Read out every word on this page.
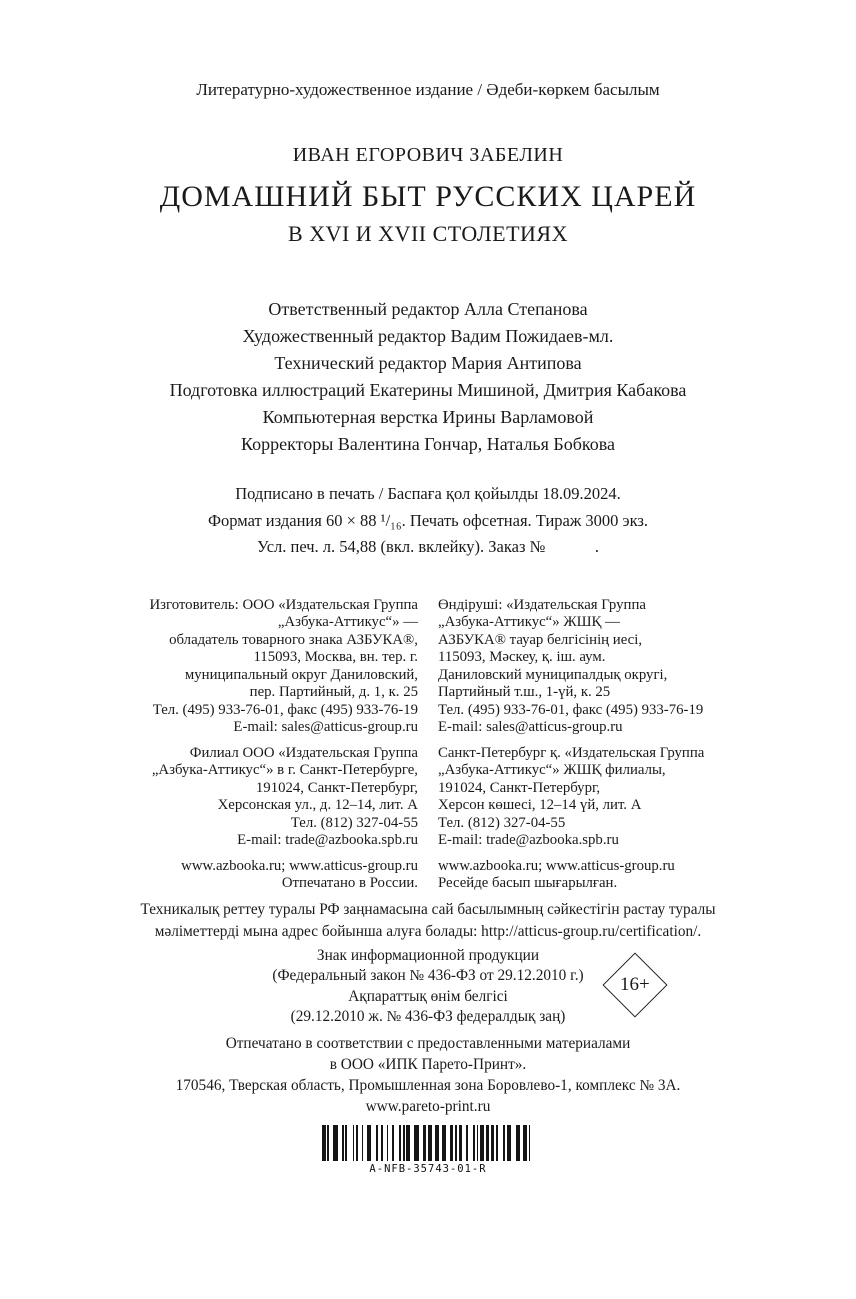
Литературно-художественное издание / Әдеби-көркем басылым
ИВАН ЕГОРОВИЧ ЗАБЕЛИН
ДОМАШНИЙ БЫТ РУССКИХ ЦАРЕЙ
В XVI И XVII СТОЛЕТИЯХ
Ответственный редактор Алла Степанова
Художественный редактор Вадим Пожидаев-мл.
Технический редактор Мария Антипова
Подготовка иллюстраций Екатерины Мишиной, Дмитрия Кабакова
Компьютерная верстка Ирины Варламовой
Корректоры Валентина Гончар, Наталья Бобкова
Подписано в печать / Баспаға қол қойылды 18.09.2024.
Формат издания 60 × 88 ¹/₁₆. Печать офсетная. Тираж 3000 экз.
Усл. печ. л. 54,88 (вкл. вклейку). Заказ №            .
Изготовитель: ООО «Издательская Группа
„Азбука-Аттикус“» —
обладатель товарного знака АЗБУКА®,
115093, Москва, вн. тер. г.
муниципальный округ Даниловский,
пер. Партийный, д. 1, к. 25
Тел. (495) 933-76-01, факс (495) 933-76-19
E-mail: sales@atticus-group.ru
Филиал ООО «Издательская Группа
„Азбука-Аттикус“» в г. Санкт-Петербурге,
191024, Санкт-Петербург,
Херсонская ул., д. 12–14, лит. А
Тел. (812) 327-04-55
E-mail: trade@azbooka.spb.ru
www.azbooka.ru; www.atticus-group.ru
Отпечатано в России.
Өндіруші: «Издательская Группа
„Азбука-Аттикус“» ЖШҚ —
АЗБУКА® тауар белгісінің иесі,
115093, Мәскеу, қ. іш. аум.
Даниловский муниципалдық округі,
Партийный т.ш., 1-үй, к. 25
Тел. (495) 933-76-01, факс (495) 933-76-19
E-mail: sales@atticus-group.ru
Санкт-Петербург қ. «Издательская Группа
„Азбука-Аттикус“» ЖШҚ филиалы,
191024, Санкт-Петербург,
Херсон көшесі, 12–14 үй, лит. А
Тел. (812) 327-04-55
E-mail: trade@azbooka.spb.ru
www.azbooka.ru; www.atticus-group.ru
Ресейде басып шығарылған.
Техникалық реттеу туралы РФ заңнамасына сай басылымның сәйкестігін растау туралы
мәліметтерді мына адрес бойынша алуға болады: http://atticus-group.ru/certification/.
Знак информационной продукции
(Федеральный закон № 436-ФЗ от 29.12.2010 г.)
Ақпараттық өнім белгісі
(29.12.2010 ж. № 436-ФЗ федералдық заң)
16+
Отпечатано в соответствии с предоставленными материалами
в ООО «ИПК Парето-Принт».
170546, Тверская область, Промышленная зона Боровлево-1, комплекс № 3А.
www.pareto-print.ru
A-NFB-35743-01-R
